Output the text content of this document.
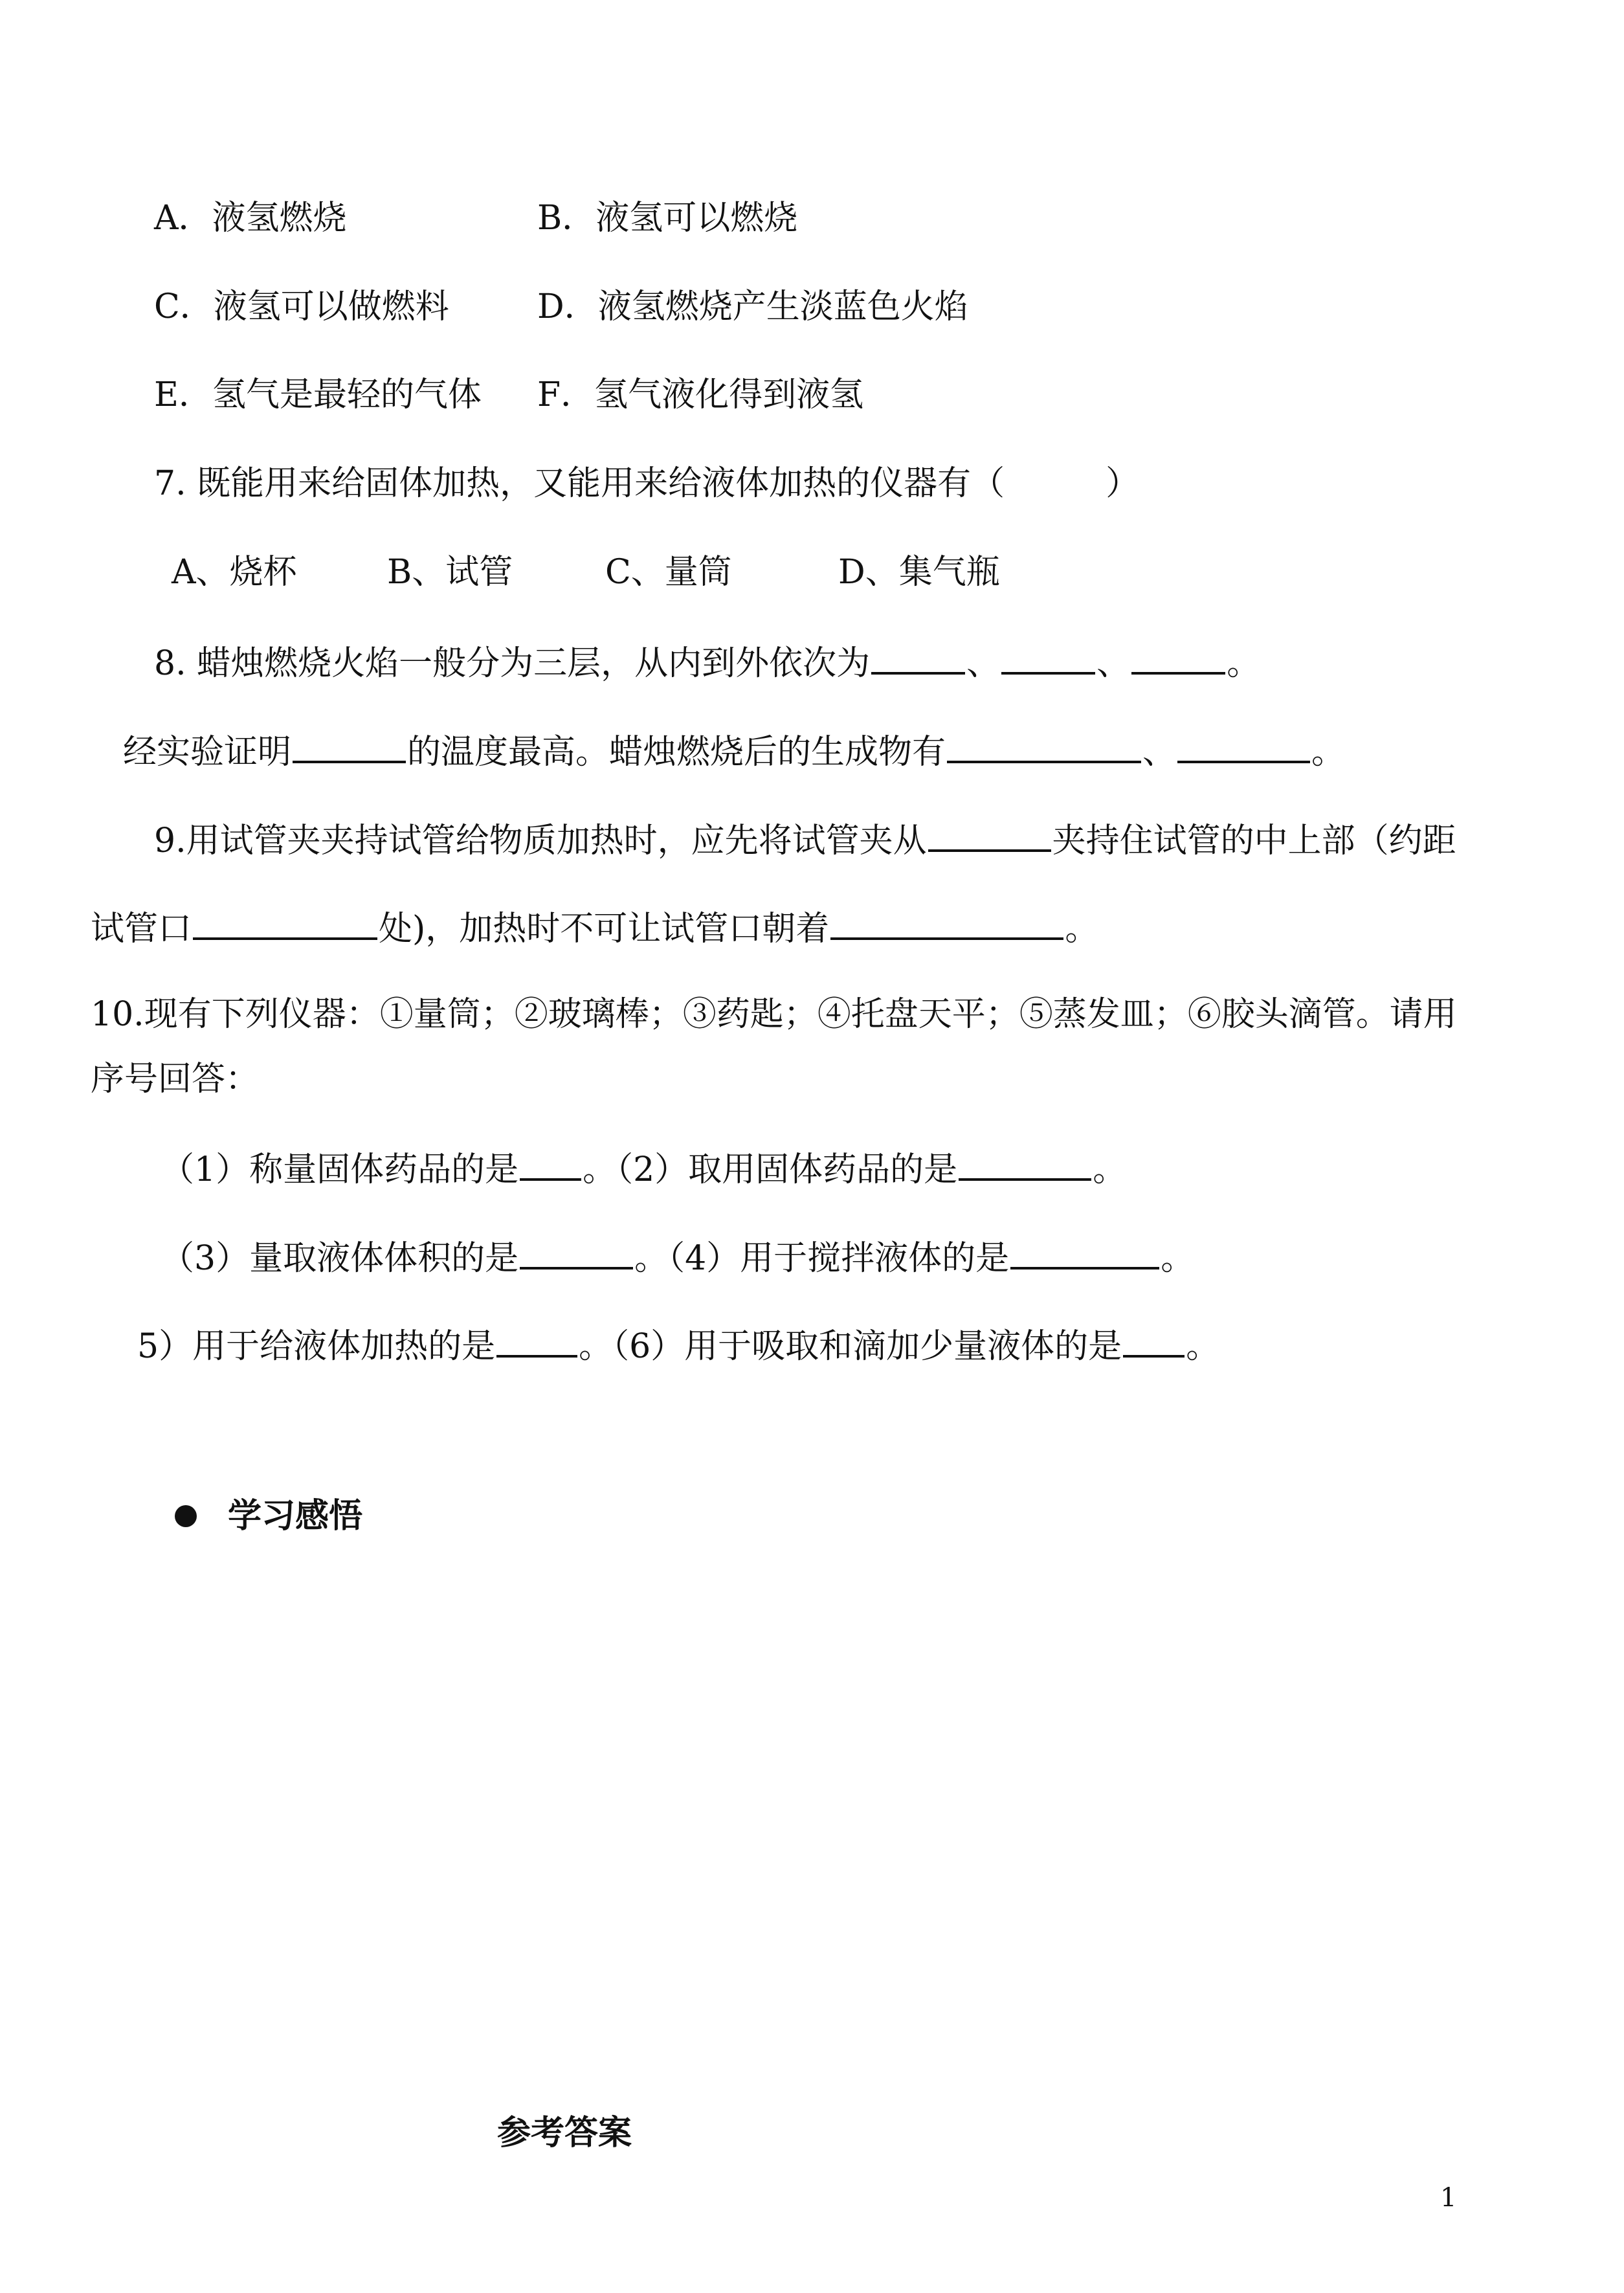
A．液氢燃烧	B．液氢可以燃烧
C．液氢可以做燃料	D．液氢燃烧产生淡蓝色火焰
E．氢气是最轻的气体 F．氢气液化得到液氢
7. 既能用来给固体加热，又能用来给液体加热的仪器有（　　　）
A、烧杯	B、试管	C、量筒	D、集气瓶
8. 蜡烛燃烧火焰一般分为三层，从内到外依次为	、	、	。
经实验证明	的温度最高。蜡烛燃烧后的生成物有	、	。
9.用试管夹夹持试管给物质加热时，应先将试管夹从	夹持住试管的中上部（约距
试管口	处)，加热时不可让试管口朝着	。
10.现有下列仪器：①量筒；②玻璃棒；③药匙；④托盘天平；⑤蒸发皿；⑥胶头滴管。请用
序号回答：
（1）称量固体药品的是 。（2）取用固体药品的是	。
（3）量取液体体积的是	。（4）用于搅拌液体的是	。
5）用于给液体加热的是 。（6）用于吸取和滴加少量液体的是 。
学习感悟
参考答案
1
